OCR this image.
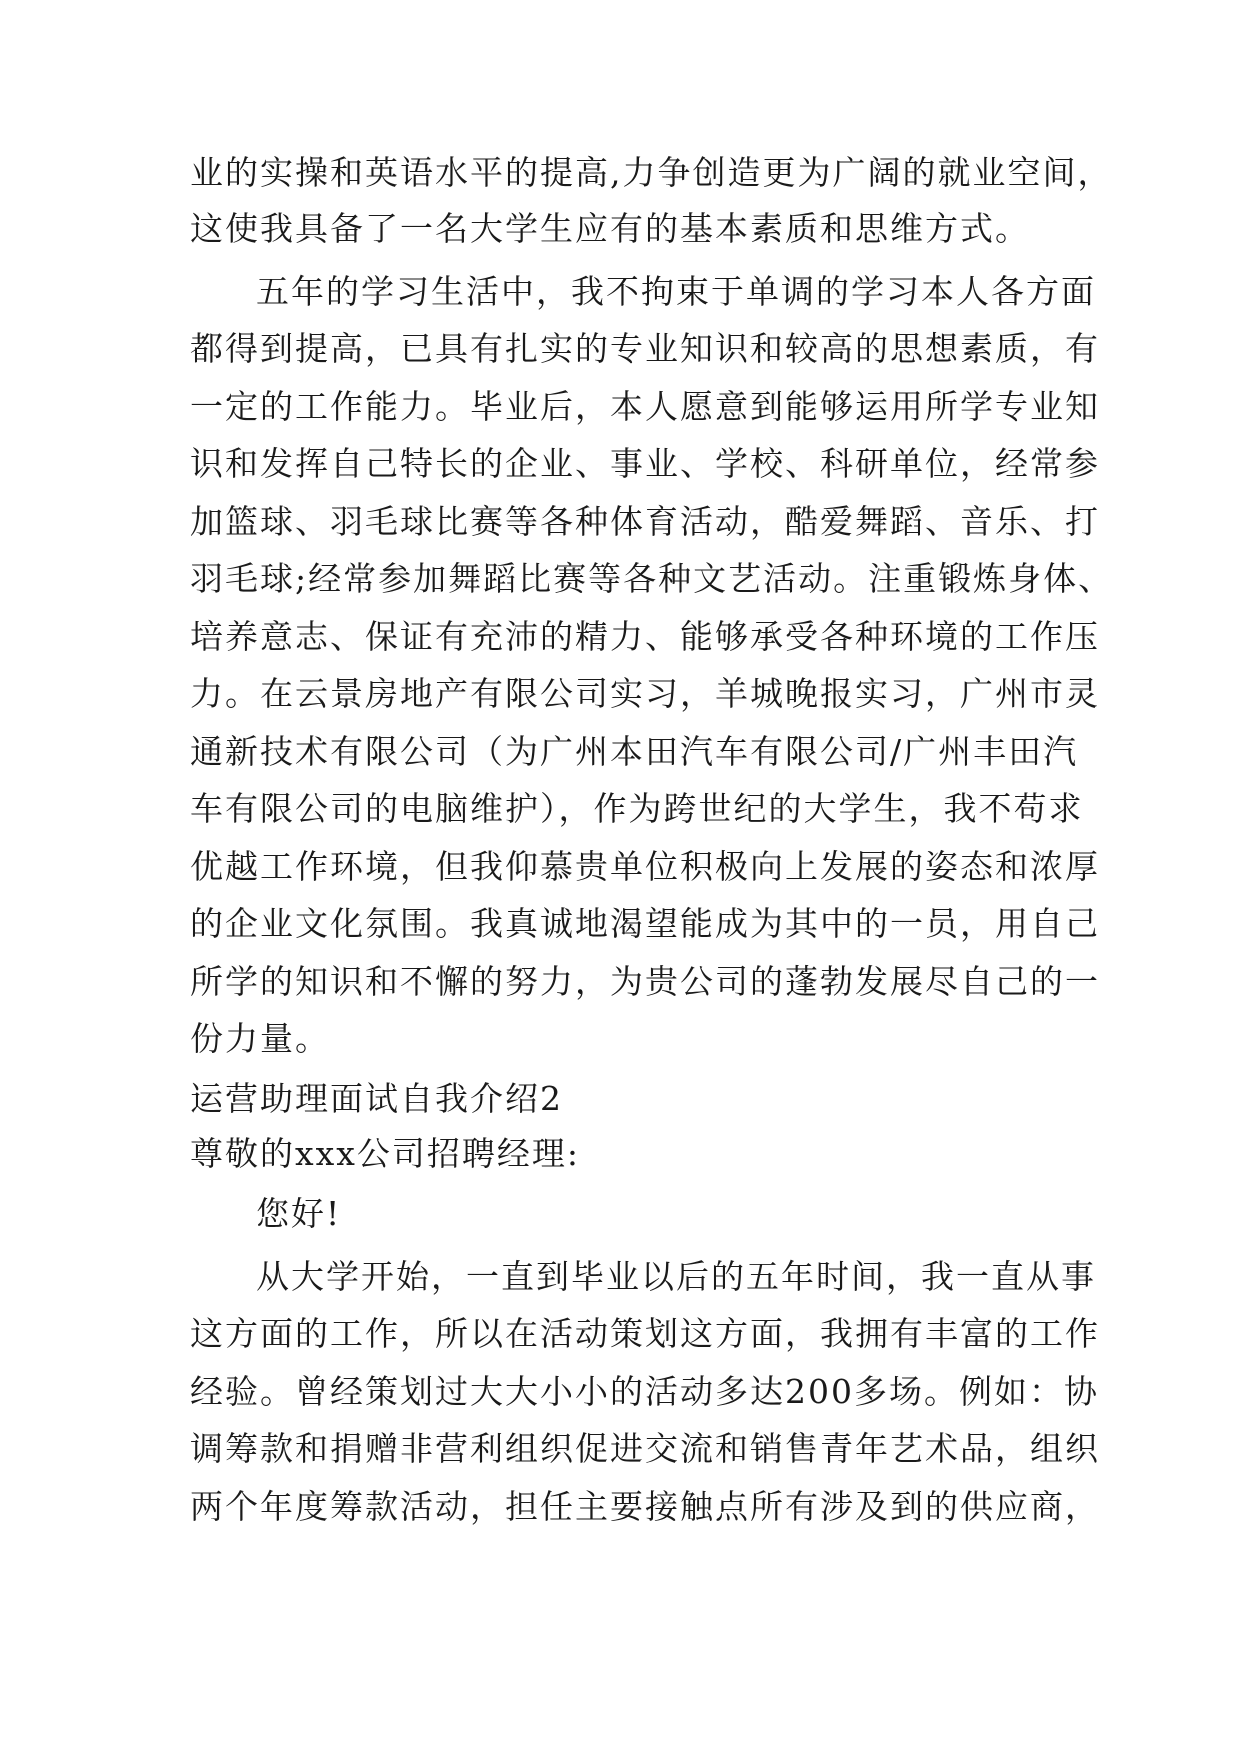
业的实操和英语水平的提高,力争创造更为广阔的就业空间，
这使我具备了一名大学生应有的基本素质和思维方式。
五年的学习生活中，我不拘束于单调的学习本人各方面
都得到提高，已具有扎实的专业知识和较高的思想素质，有
一定的工作能力。毕业后，本人愿意到能够运用所学专业知
识和发挥自己特长的企业、事业、学校、科研单位，经常参
加篮球、羽毛球比赛等各种体育活动，酷爱舞蹈、音乐、打
羽毛球;经常参加舞蹈比赛等各种文艺活动。注重锻炼身体、
培养意志、保证有充沛的精力、能够承受各种环境的工作压
力。在云景房地产有限公司实习，羊城晚报实习，广州市灵
通新技术有限公司（为广州本田汽车有限公司/广州丰田汽
车有限公司的电脑维护），作为跨世纪的大学生，我不苟求
优越工作环境，但我仰慕贵单位积极向上发展的姿态和浓厚
的企业文化氛围。我真诚地渴望能成为其中的一员，用自己
所学的知识和不懈的努力，为贵公司的蓬勃发展尽自己的一
份力量。
运营助理面试自我介绍2
尊敬的xxx公司招聘经理:
您好!
从大学开始，一直到毕业以后的五年时间，我一直从事
这方面的工作，所以在活动策划这方面，我拥有丰富的工作
经验。曾经策划过大大小小的活动多达200多场。例如：协
调筹款和捐赠非营利组织促进交流和销售青年艺术品，组织
两个年度筹款活动，担任主要接触点所有涉及到的供应商，
